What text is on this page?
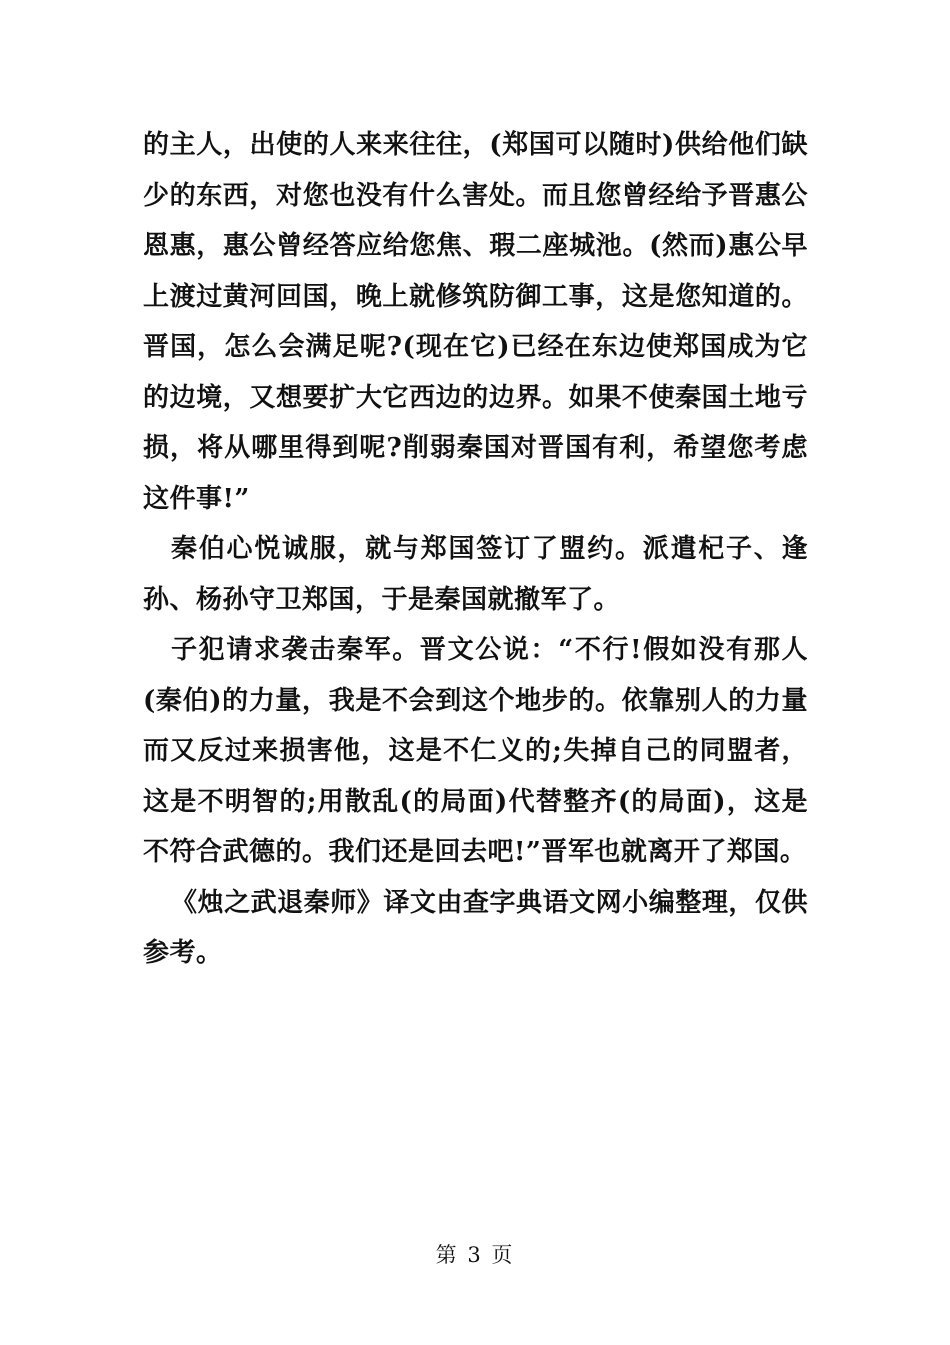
的主人，出使的人来来往往，(郑国可以随时)供给他们缺少的东西，对您也没有什么害处。而且您曾经给予晋惠公恩惠，惠公曾经答应给您焦、瑕二座城池。(然而)惠公早上渡过黄河回国，晚上就修筑防御工事，这是您知道的。晋国，怎么会满足呢?(现在它)已经在东边使郑国成为它的边境，又想要扩大它西边的边界。如果不使秦国土地亏损，将从哪里得到呢?削弱秦国对晋国有利，希望您考虑这件事!”

秦伯心悦诚服，就与郑国签订了盟约。派遣杞子、逢孙、杨孙守卫郑国，于是秦国就撤军了。

子犯请求袭击秦军。晋文公说：“不行!假如没有那人(秦伯)的力量，我是不会到这个地步的。依靠别人的力量而又反过来损害他，这是不仁义的;失掉自己的同盟者，这是不明智的;用散乱(的局面)代替整齐(的局面)，这是不符合武德的。我们还是回去吧!”晋军也就离开了郑国。

《烛之武退秦师》译文由查字典语文网小编整理，仅供参考。

第 3 页
